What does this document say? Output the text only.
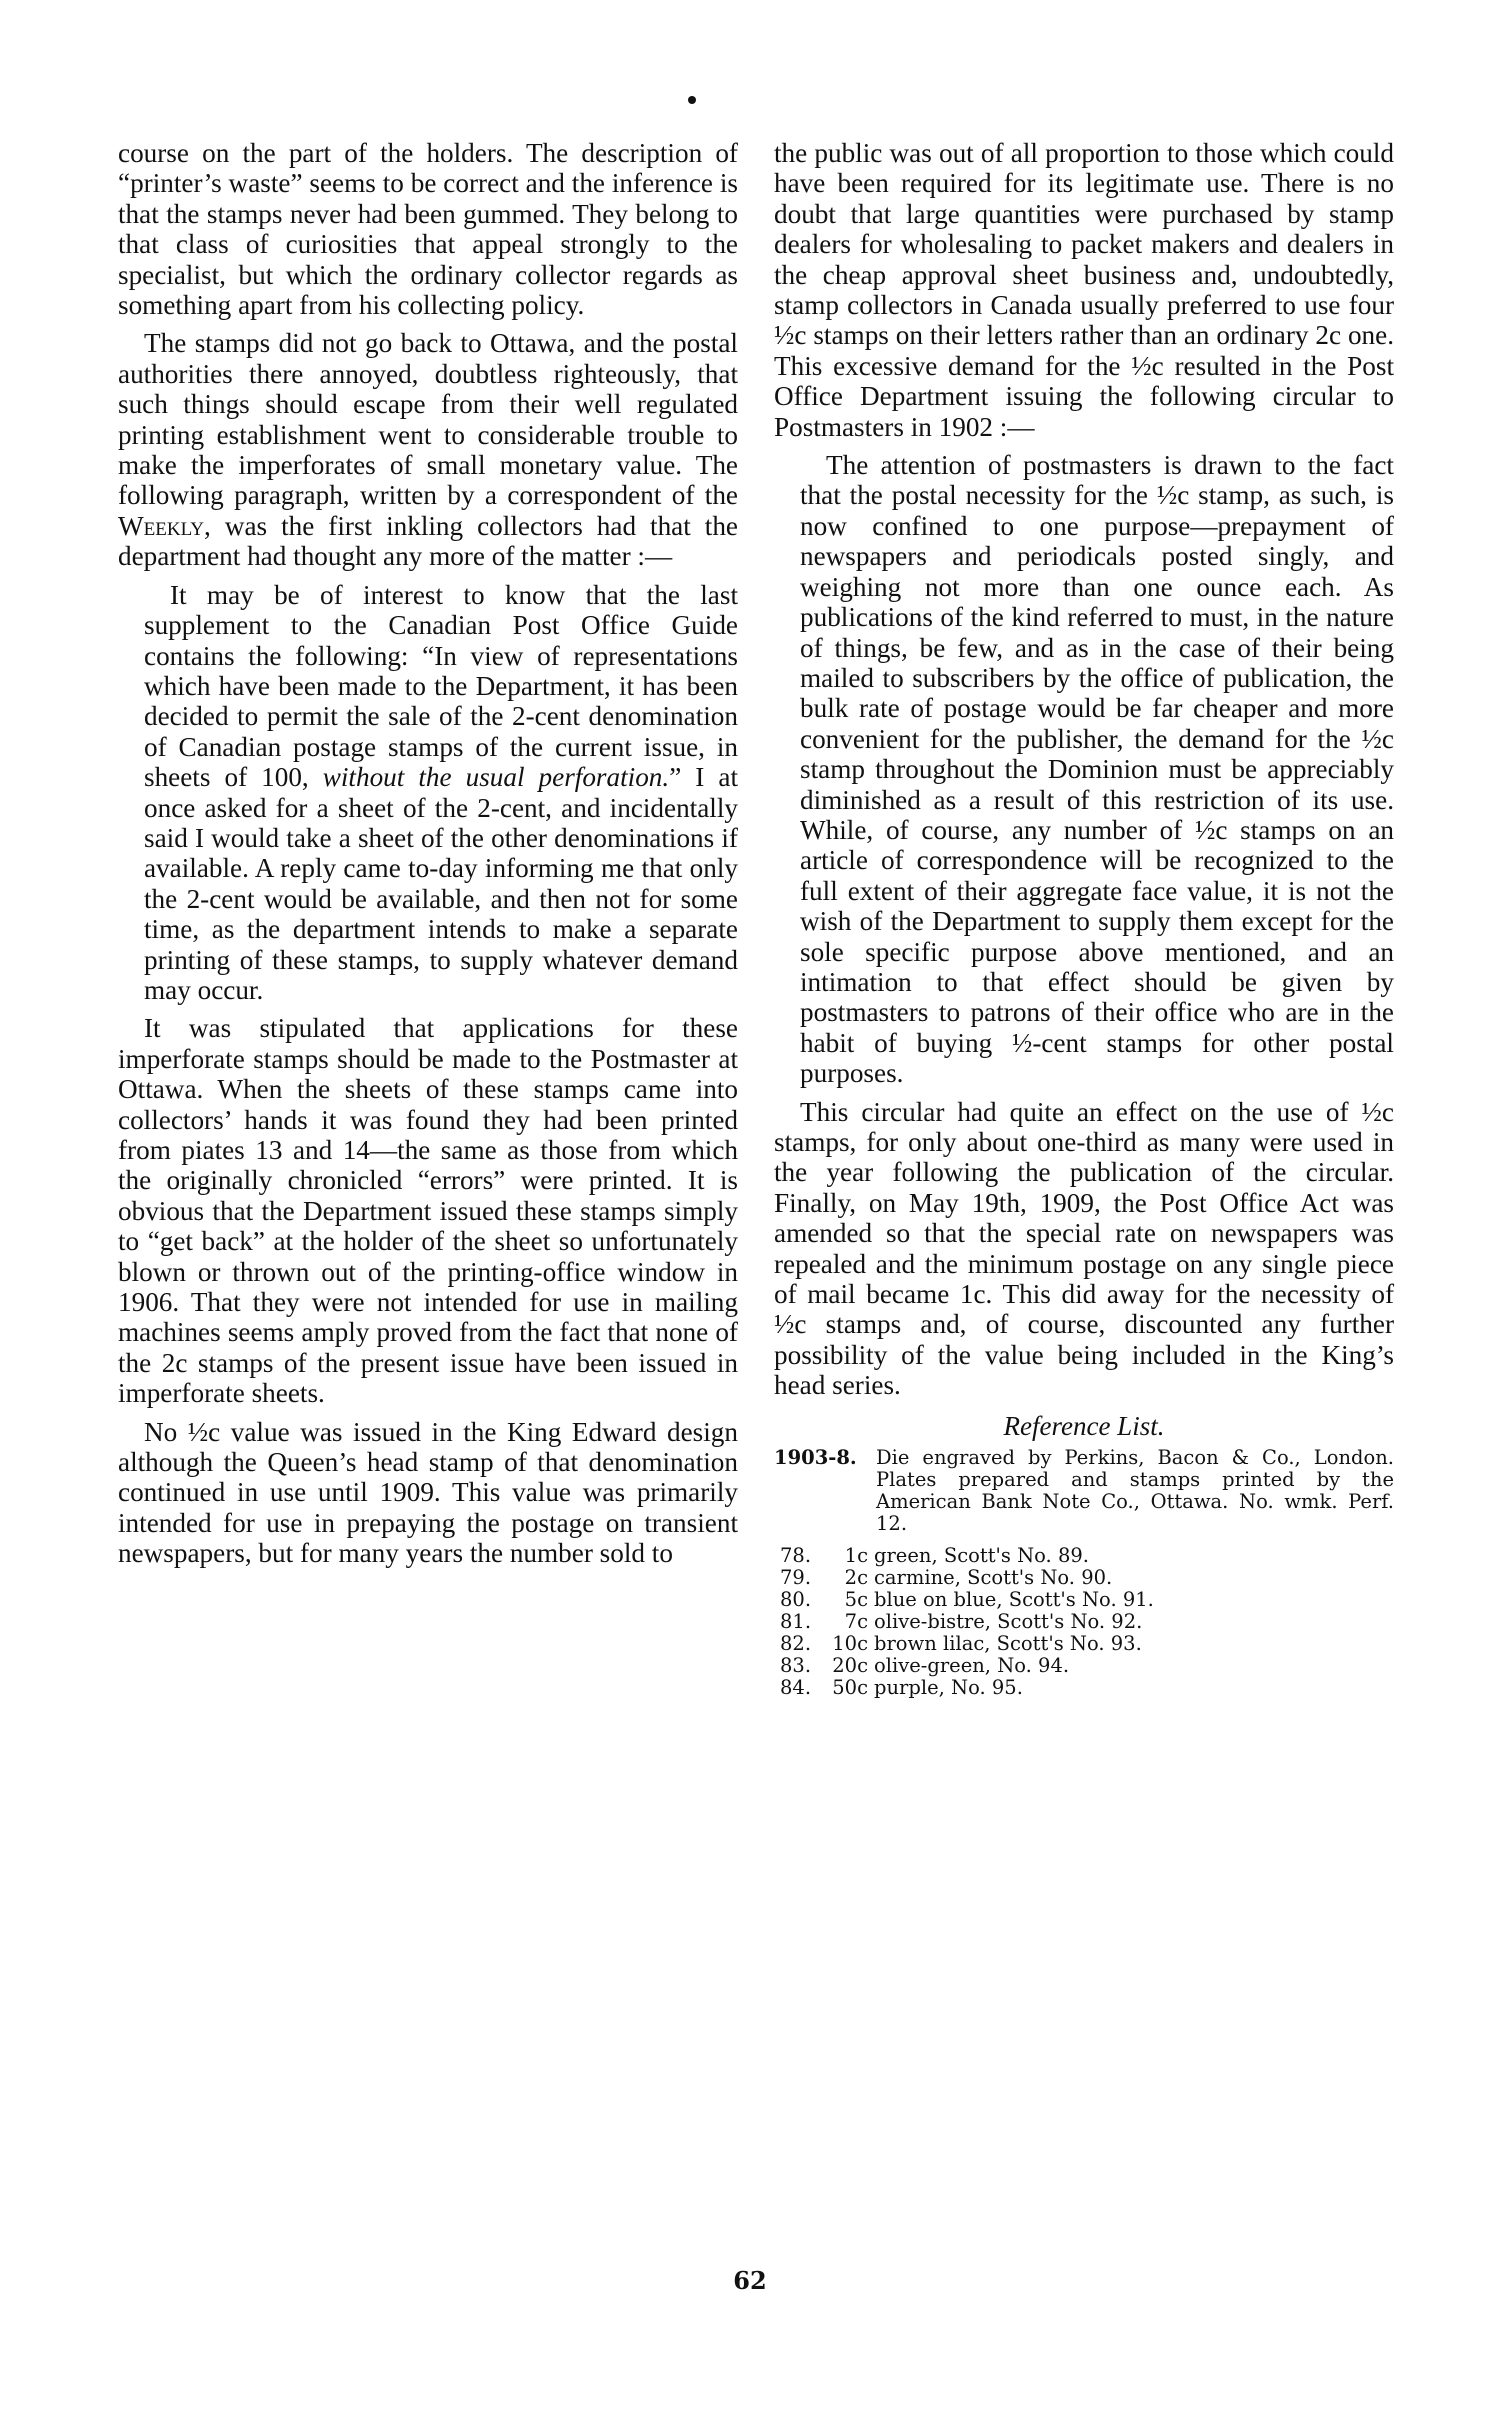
course on the part of the holders. The description of “printer’s waste” seems to be correct and the inference is that the stamps never had been gummed. They belong to that class of curiosities that appeal strongly to the specialist, but which the ordinary collector regards as something apart from his collecting policy.

The stamps did not go back to Ottawa, and the postal authorities there annoyed, doubtless righteously, that such things should escape from their well regulated printing establishment went to considerable trouble to make the imperforates of small monetary value. The following paragraph, written by a correspondent of the Weekly, was the first inkling collectors had that the department had thought any more of the matter :—

It may be of interest to know that the last supplement to the Canadian Post Office Guide contains the following: “In view of representations which have been made to the Department, it has been decided to permit the sale of the 2-cent denomination of Canadian postage stamps of the current issue, in sheets of 100, without the usual perforation.” I at once asked for a sheet of the 2-cent, and incidentally said I would take a sheet of the other denominations if available. A reply came to-day informing me that only the 2-cent would be available, and then not for some time, as the department intends to make a separate printing of these stamps, to supply whatever demand may occur.

It was stipulated that applications for these imperforate stamps should be made to the Postmaster at Ottawa. When the sheets of these stamps came into collectors’ hands it was found they had been printed from piates 13 and 14—the same as those from which the originally chronicled “errors” were printed. It is obvious that the Department issued these stamps simply to “get back” at the holder of the sheet so unfortunately blown or thrown out of the printing-office window in 1906. That they were not intended for use in mailing machines seems amply proved from the fact that none of the 2c stamps of the present issue have been issued in imperforate sheets.

No ½c value was issued in the King Edward design although the Queen’s head stamp of that denomination continued in use until 1909. This value was primarily intended for use in prepaying the postage on transient newspapers, but for many years the number sold to

the public was out of all proportion to those which could have been required for its legitimate use. There is no doubt that large quantities were purchased by stamp dealers for wholesaling to packet makers and dealers in the cheap approval sheet business and, undoubtedly, stamp collectors in Canada usually preferred to use four ½c stamps on their letters rather than an ordinary 2c one. This excessive demand for the ½c resulted in the Post Office Department issuing the following circular to Postmasters in 1902 :—

The attention of postmasters is drawn to the fact that the postal necessity for the ½c stamp, as such, is now confined to one purpose—prepayment of newspapers and periodicals posted singly, and weighing not more than one ounce each. As publications of the kind referred to must, in the nature of things, be few, and as in the case of their being mailed to subscribers by the office of publication, the bulk rate of postage would be far cheaper and more convenient for the publisher, the demand for the ½c stamp throughout the Dominion must be appreciably diminished as a result of this restriction of its use. While, of course, any number of ½c stamps on an article of correspondence will be recognized to the full extent of their aggregate face value, it is not the wish of the Department to supply them except for the sole specific purpose above mentioned, and an intimation to that effect should be given by postmasters to patrons of their office who are in the habit of buying ½-cent stamps for other postal purposes.

This circular had quite an effect on the use of ½c stamps, for only about one-third as many were used in the year following the publication of the circular. Finally, on May 19th, 1909, the Post Office Act was amended so that the special rate on newspapers was repealed and the minimum postage on any single piece of mail became 1c. This did away for the necessity of ½c stamps and, of course, discounted any further possibility of the value being included in the King’s head series.

Reference List.
1903-8. Die engraved by Perkins, Bacon & Co., London. Plates prepared and stamps printed by the American Bank Note Co., Ottawa. No. wmk. Perf. 12.
78.	1c green, Scott's No. 89.
79.	2c carmine, Scott's No. 90.
80.	5c blue on blue, Scott's No. 91.
81.	7c olive-bistre, Scott's No. 92.
82.	10c brown lilac, Scott's No. 93.
83.	20c olive-green, No. 94.
84.	50c purple, No. 95.
62
